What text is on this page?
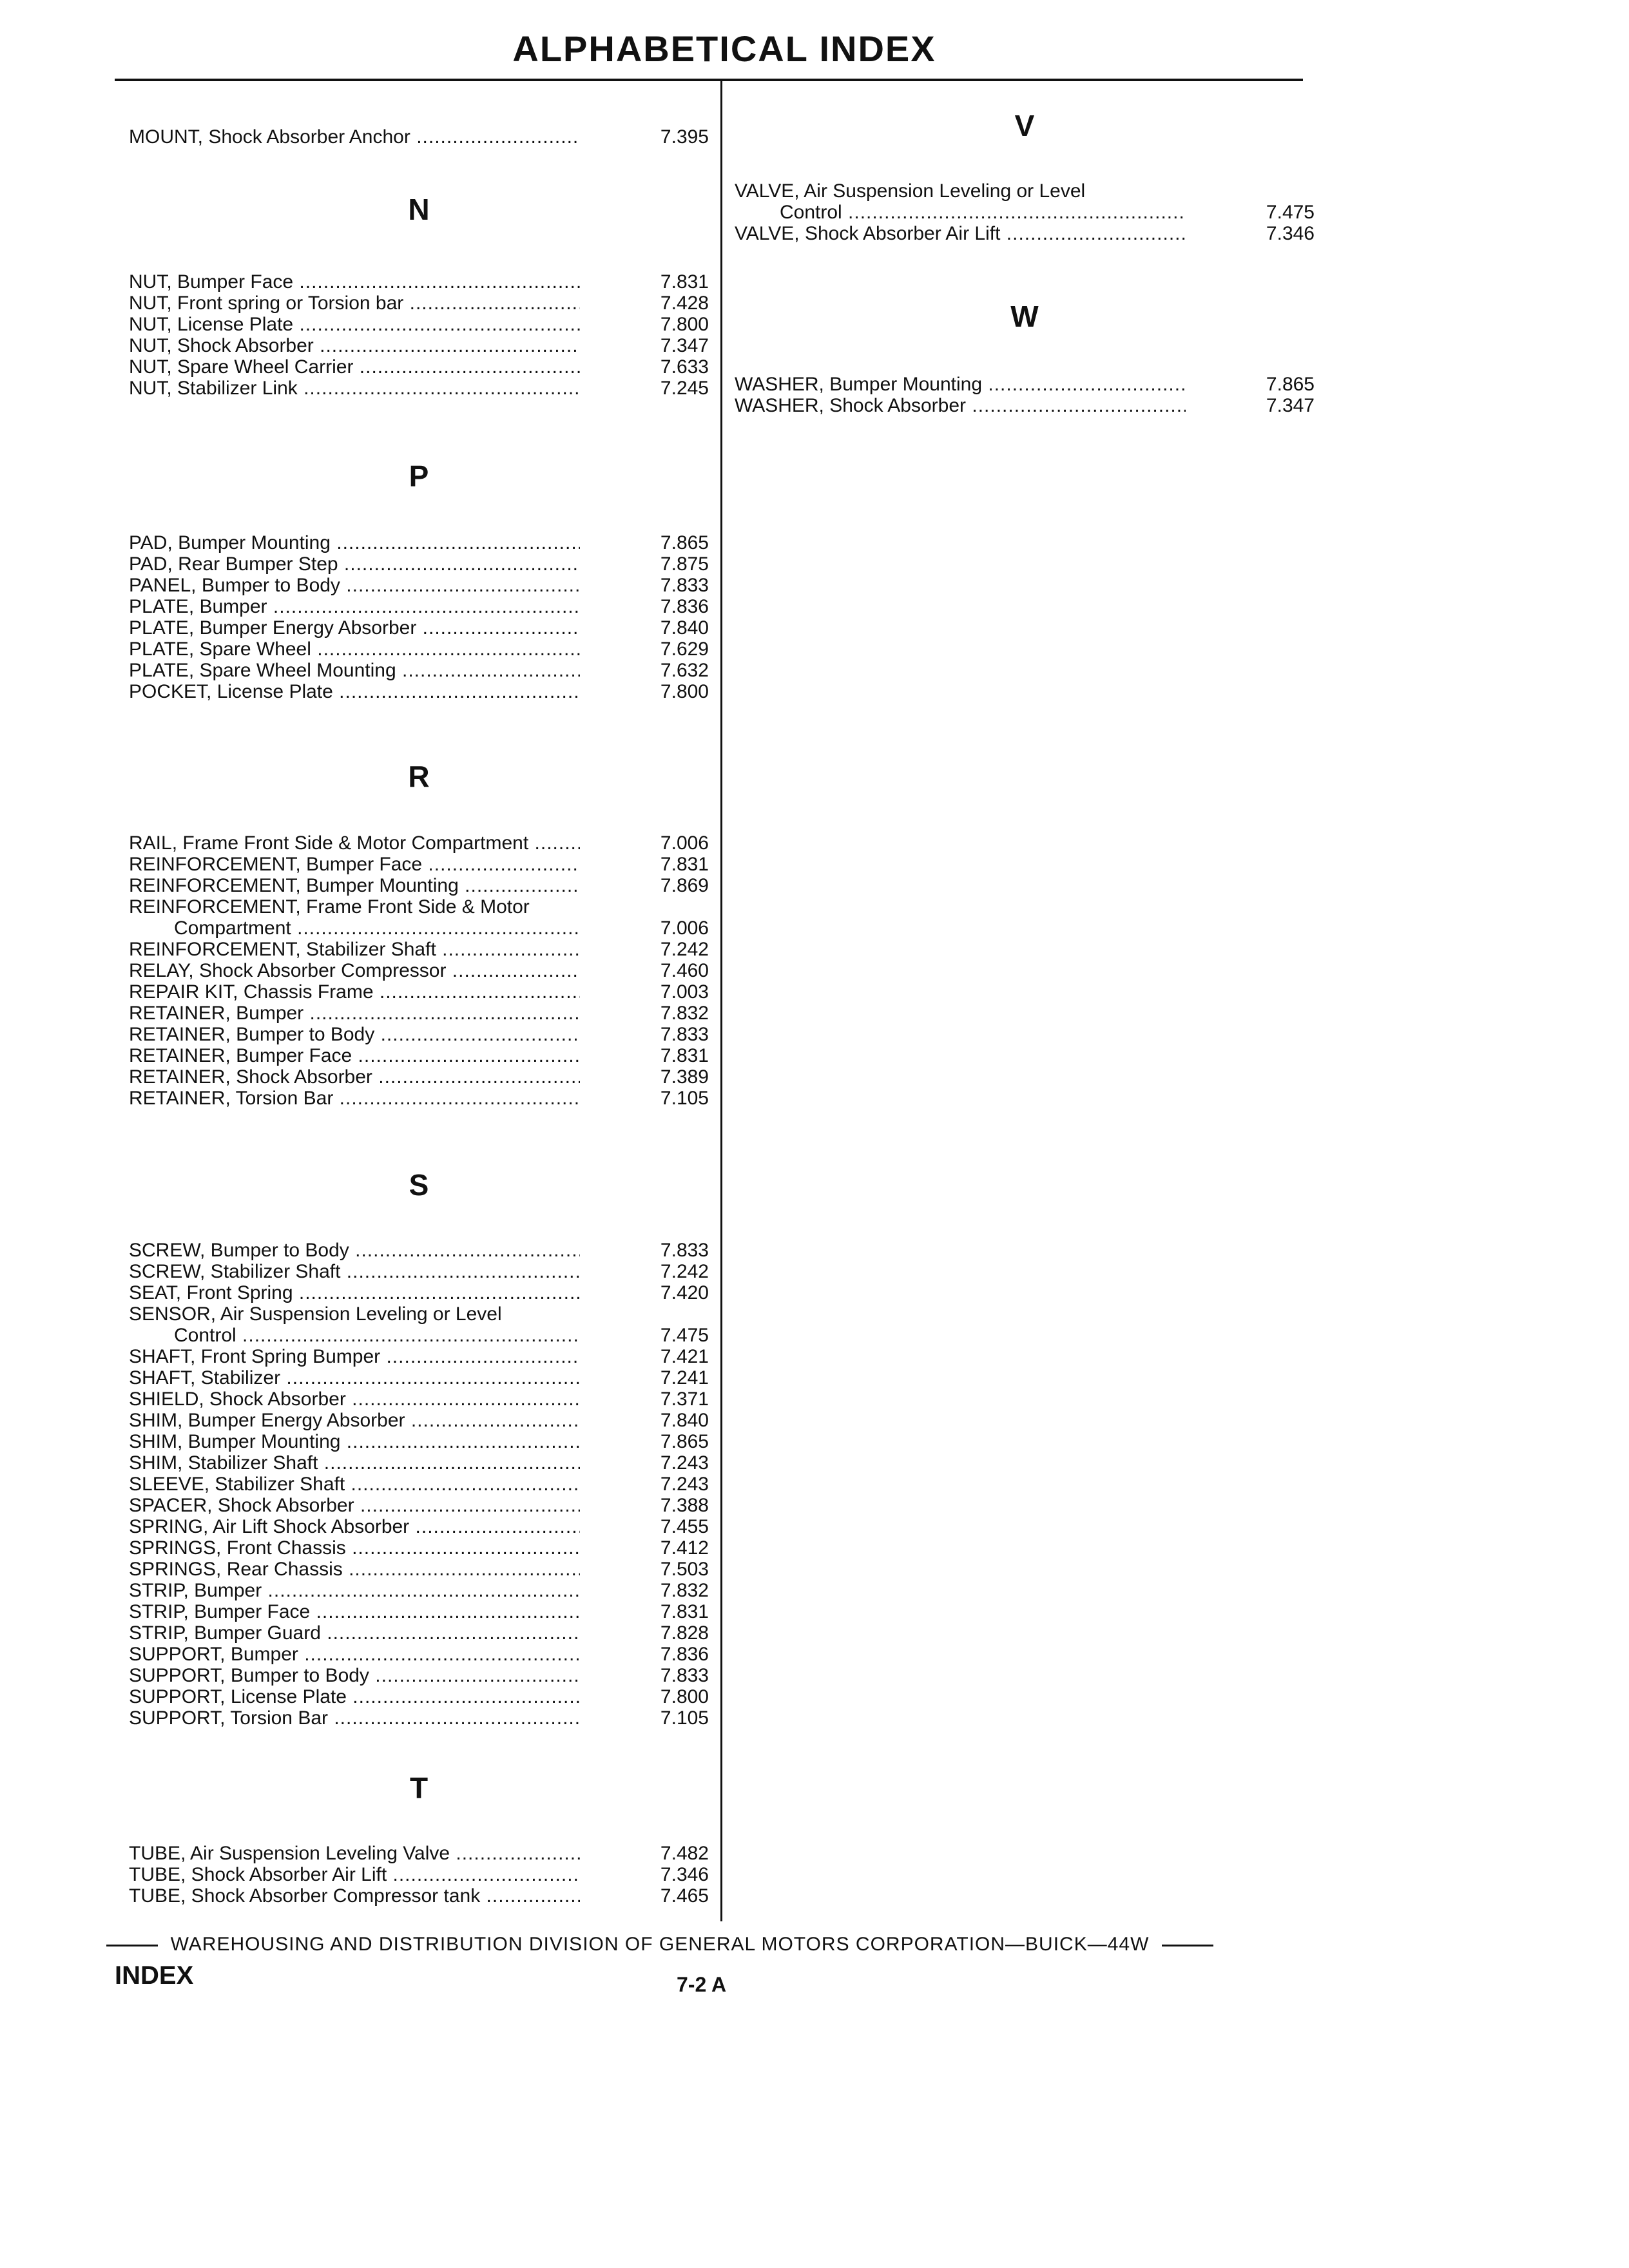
ALPHABETICAL INDEX
MOUNT, Shock Absorber Anchor .....	7.395
N
NUT, Bumper Face .....	7.831
NUT, Front spring or Torsion bar .....	7.428
NUT, License Plate .....	7.800
NUT, Shock Absorber .....	7.347
NUT, Spare Wheel Carrier .....	7.633
NUT, Stabilizer Link .....	7.245
P
PAD, Bumper Mounting .....	7.865
PAD, Rear Bumper Step .....	7.875
PANEL, Bumper to Body .....	7.833
PLATE, Bumper .....	7.836
PLATE, Bumper Energy Absorber .....	7.840
PLATE, Spare Wheel .....	7.629
PLATE, Spare Wheel Mounting .....	7.632
POCKET, License Plate .....	7.800
R
RAIL, Frame Front Side & Motor Compartment .....	7.006
REINFORCEMENT, Bumper Face .....	7.831
REINFORCEMENT, Bumper Mounting .....	7.869
REINFORCEMENT, Frame Front Side & Motor
Compartment .....	7.006
REINFORCEMENT, Stabilizer Shaft .....	7.242
RELAY, Shock Absorber Compressor .....	7.460
REPAIR KIT, Chassis Frame .....	7.003
RETAINER, Bumper .....	7.832
RETAINER, Bumper to Body .....	7.833
RETAINER, Bumper Face .....	7.831
RETAINER, Shock Absorber .....	7.389
RETAINER, Torsion Bar .....	7.105
S
SCREW, Bumper to Body .....	7.833
SCREW, Stabilizer Shaft .....	7.242
SEAT, Front Spring .....	7.420
SENSOR, Air Suspension Leveling or Level
Control .....	7.475
SHAFT, Front Spring Bumper .....	7.421
SHAFT, Stabilizer .....	7.241
SHIELD, Shock Absorber .....	7.371
SHIM, Bumper Energy Absorber .....	7.840
SHIM, Bumper Mounting .....	7.865
SHIM, Stabilizer Shaft .....	7.243
SLEEVE, Stabilizer Shaft .....	7.243
SPACER, Shock Absorber .....	7.388
SPRING, Air Lift Shock Absorber .....	7.455
SPRINGS, Front Chassis .....	7.412
SPRINGS, Rear Chassis .....	7.503
STRIP, Bumper .....	7.832
STRIP, Bumper Face .....	7.831
STRIP, Bumper Guard .....	7.828
SUPPORT, Bumper .....	7.836
SUPPORT, Bumper to Body .....	7.833
SUPPORT, License Plate .....	7.800
SUPPORT, Torsion Bar .....	7.105
T
TUBE, Air Suspension Leveling Valve .....	7.482
TUBE, Shock Absorber Air Lift .....	7.346
TUBE, Shock Absorber Compressor tank .....	7.465
V
VALVE, Air Suspension Leveling or Level
Control .....	7.475
VALVE, Shock Absorber Air Lift .....	7.346
W
WASHER, Bumper Mounting .....	7.865
WASHER, Shock Absorber .....	7.347
WAREHOUSING AND DISTRIBUTION DIVISION OF GENERAL MOTORS CORPORATION—BUICK—44W
INDEX	7-2 A
